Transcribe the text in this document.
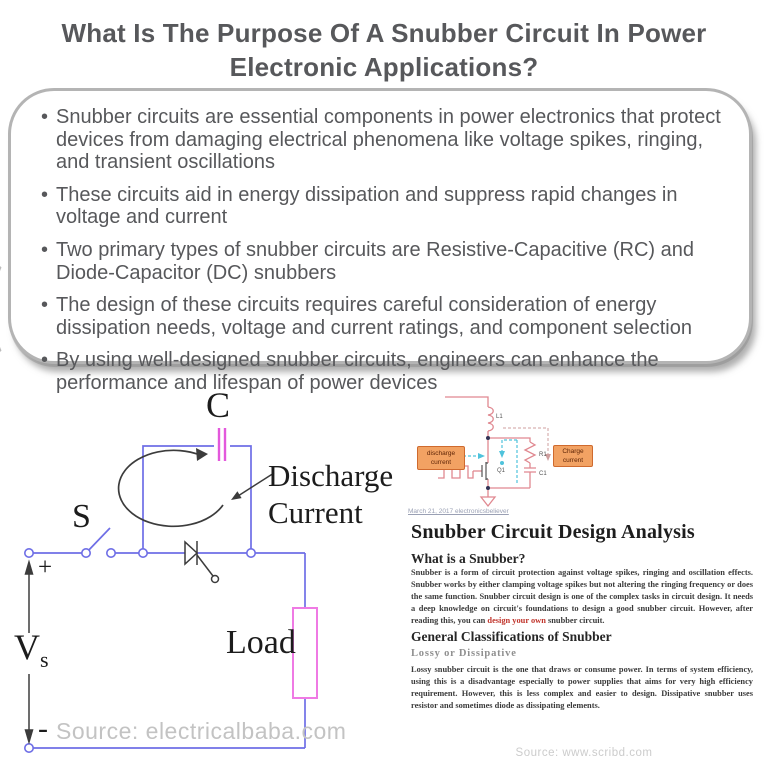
What Is The Purpose Of A Snubber Circuit In Power Electronic Applications?
• Snubber circuits are essential components in power electronics that protect devices from damaging electrical phenomena like voltage spikes, ringing, and transient oscillations
• These circuits aid in energy dissipation and suppress rapid changes in voltage and current
• Two primary types of snubber circuits are Resistive-Capacitive (RC) and Diode-Capacitor (DC) snubbers
• The design of these circuits requires careful consideration of energy dissipation needs, voltage and current ratings, and component selection
• By using well-designed snubber circuits, engineers can enhance the performance and lifespan of power devices
C
S
+
$V_s$
-
Load
Discharge
Current
Source: electricalbaba.com
L1
Q1
R1
C1
discharge
current
Charge
current
March 21, 2017 electronicsbeliever
Snubber Circuit Design Analysis
What is a Snubber?
Snubber is a form of circuit protection against voltage spikes, ringing and oscillation effects. Snubber works by either clamping voltage spikes but not altering the ringing frequency or does the same function. Snubber circuit design is one of the complex tasks in circuit design. It needs a deep knowledge on circuit's foundations to design a good snubber circuit. However, after reading this, you can design your own snubber circuit.
General Classifications of Snubber
Lossy or Dissipative
Lossy snubber circuit is the one that draws or consume power. In terms of system efficiency, using this is a disadvantage especially to power supplies that aims for very high efficiency requirement. However, this is less complex and easier to design. Dissipative snubber uses resistor and sometimes diode as dissipating elements.
Source: www.scribd.com
